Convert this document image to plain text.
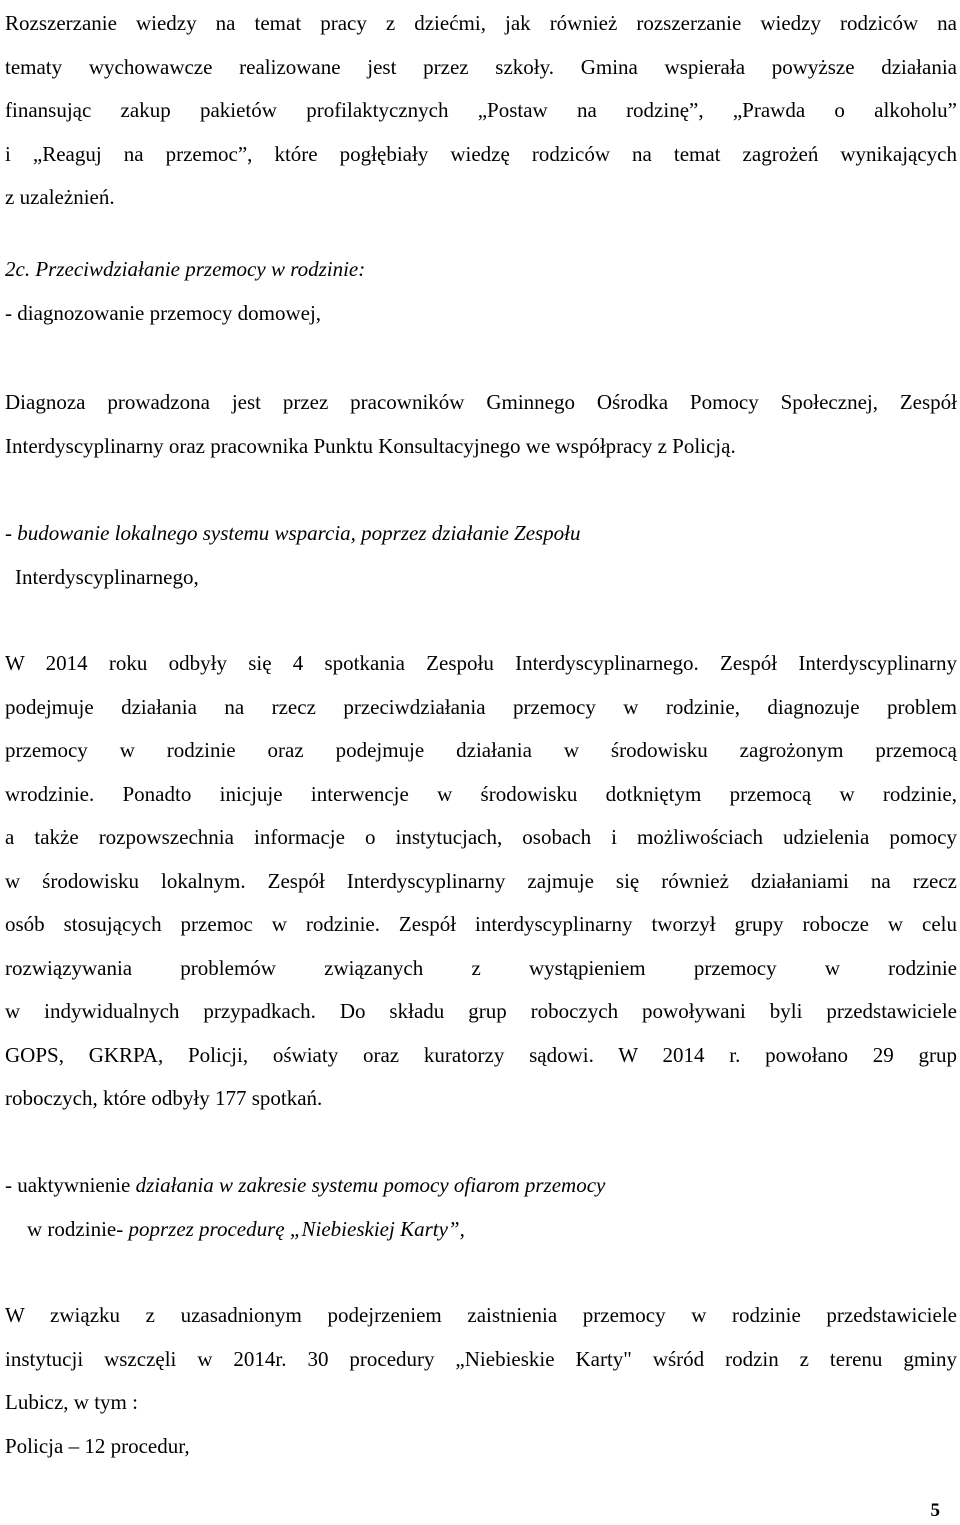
Rozszerzanie wiedzy na temat pracy z dziećmi, jak również rozszerzanie wiedzy rodziców na
tematy wychowawcze realizowane jest przez szkoły. Gmina wspierała powyższe działania
finansując zakup pakietów profilaktycznych „Postaw na rodzinę”, „Prawda o alkoholu”
i „Reaguj na przemoc”, które pogłębiały wiedzę rodziców na temat zagrożeń wynikających
z uzależnień.
2c. Przeciwdziałanie przemocy w rodzinie:
- diagnozowanie przemocy domowej,
Diagnoza prowadzona jest przez pracowników Gminnego Ośrodka Pomocy Społecznej, Zespół
Interdyscyplinarny oraz pracownika Punktu Konsultacyjnego we współpracy z Policją.
- budowanie lokalnego systemu wsparcia, poprzez działanie Zespołu
Interdyscyplinarnego,
W 2014 roku odbyły się 4 spotkania Zespołu Interdyscyplinarnego. Zespół Interdyscyplinarny
podejmuje działania na rzecz przeciwdziałania przemocy w rodzinie, diagnozuje problem
przemocy w rodzinie oraz podejmuje działania w środowisku zagrożonym przemocą
wrodzinie. Ponadto inicjuje interwencje w środowisku dotkniętym przemocą w rodzinie,
a także rozpowszechnia informacje o instytucjach, osobach i możliwościach udzielenia pomocy
w środowisku lokalnym. Zespół Interdyscyplinarny zajmuje się również działaniami na rzecz
osób stosujących przemoc w rodzinie. Zespół interdyscyplinarny tworzył grupy robocze w celu
rozwiązywania problemów związanych z wystąpieniem przemocy w rodzinie
w indywidualnych przypadkach. Do składu grup roboczych powoływani byli przedstawiciele
GOPS, GKRPA, Policji, oświaty oraz kuratorzy sądowi. W 2014 r. powołano 29 grup
roboczych, które odbyły 177 spotkań.
- uaktywnienie działania w zakresie systemu pomocy ofiarom przemocy
w rodzinie- poprzez procedurę „Niebieskiej Karty”,
W związku z uzasadnionym podejrzeniem zaistnienia przemocy w rodzinie przedstawiciele
instytucji wszczęli w 2014r. 30 procedury „Niebieskie Karty" wśród rodzin z terenu gminy
Lubicz, w tym :
Policja – 12 procedur,
5
